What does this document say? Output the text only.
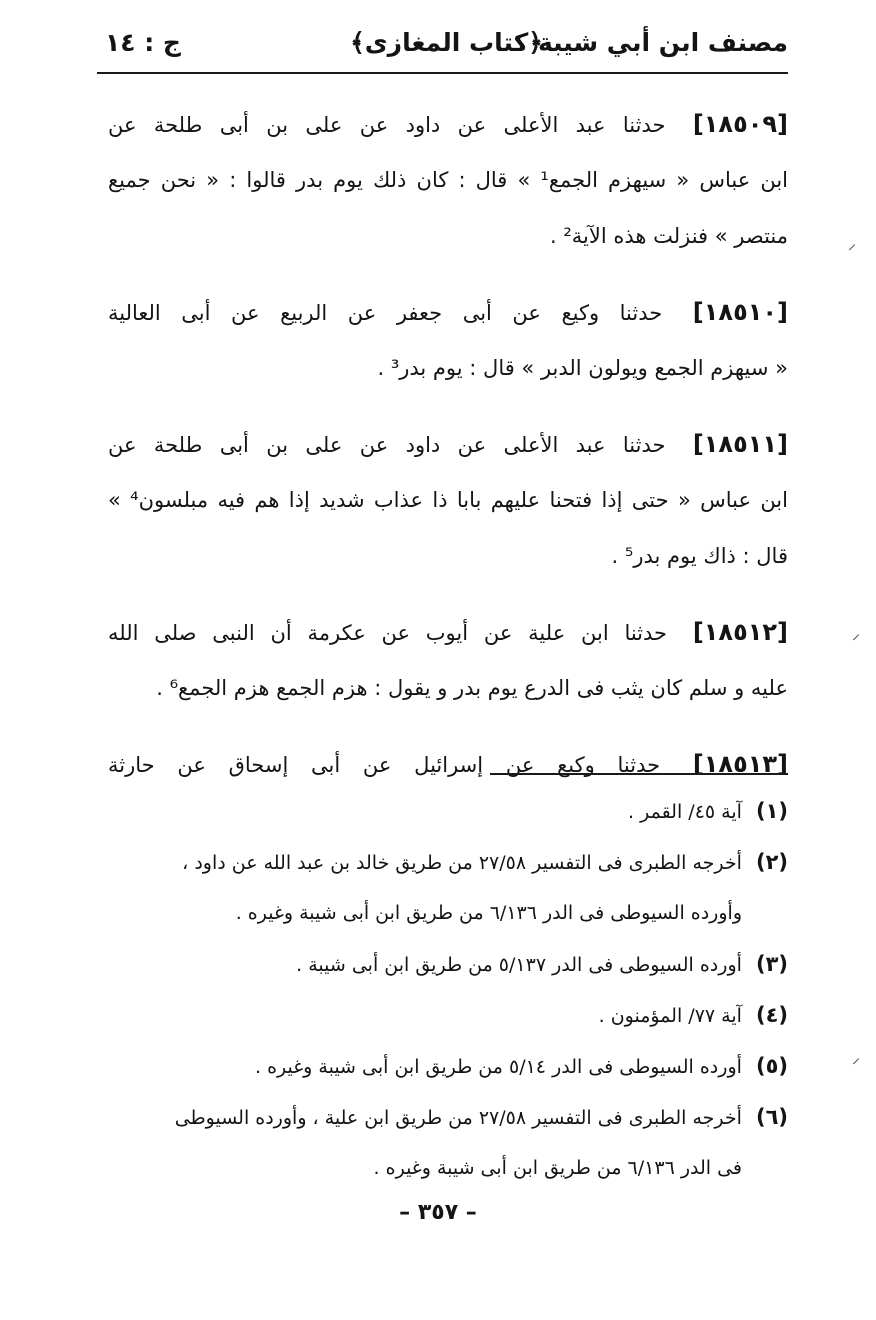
مصنف ابن أبي شيبة
﴿كتاب المغازى﴾
ج : ١٤
[١٨٥٠٩] حدثنا عبد الأعلى عن داود عن على بن أبى طلحة عن
ابن عباس « سيهزم الجمع¹ » قال : كان ذلك يوم بدر قالوا : « نحن جميع
منتصر » فنزلت هذه الآية² .
[١٨٥١٠] حدثنا وكيع عن أبى جعفر عن الربيع عن أبى العالية
« سيهزم الجمع ويولون الدبر » قال : يوم بدر³ .
[١٨٥١١] حدثنا عبد الأعلى عن داود عن على بن أبى طلحة عن
ابن عباس « حتى إذا فتحنا عليهم بابا ذا عذاب شديد إذا هم فيه مبلسون⁴ »
قال : ذاك يوم بدر⁵ .
[١٨٥١٢] حدثنا ابن علية عن أيوب عن عكرمة أن النبى صلى الله
عليه و سلم كان يثب فى الدرع يوم بدر و يقول : هزم الجمع هزم الجمع⁶ .
[١٨٥١٣] حدثنا وكيع عن إسرائيل عن أبى إسحاق عن حارثة
(١) آية ٤٥/ القمر .
(٢) أخرجه الطبرى فى التفسير ٢٧/٥٨ من طريق خالد بن عبد الله عن داود ،
وأورده السيوطى فى الدر ٦/١٣٦ من طريق ابن أبى شيبة وغيره .
(٣) أورده السيوطى فى الدر ٥/١٣٧ من طريق ابن أبى شيبة .
(٤) آية ٧٧/ المؤمنون .
(٥) أورده السيوطى فى الدر ٥/١٤ من طريق ابن أبى شيبة وغيره .
(٦) أخرجه الطبرى فى التفسير ٢٧/٥٨ من طريق ابن علية ، وأورده السيوطى
فى الدر ٦/١٣٦ من طريق ابن أبى شيبة وغيره .
– ٣٥٧ –
⸝
⸝
⸝
